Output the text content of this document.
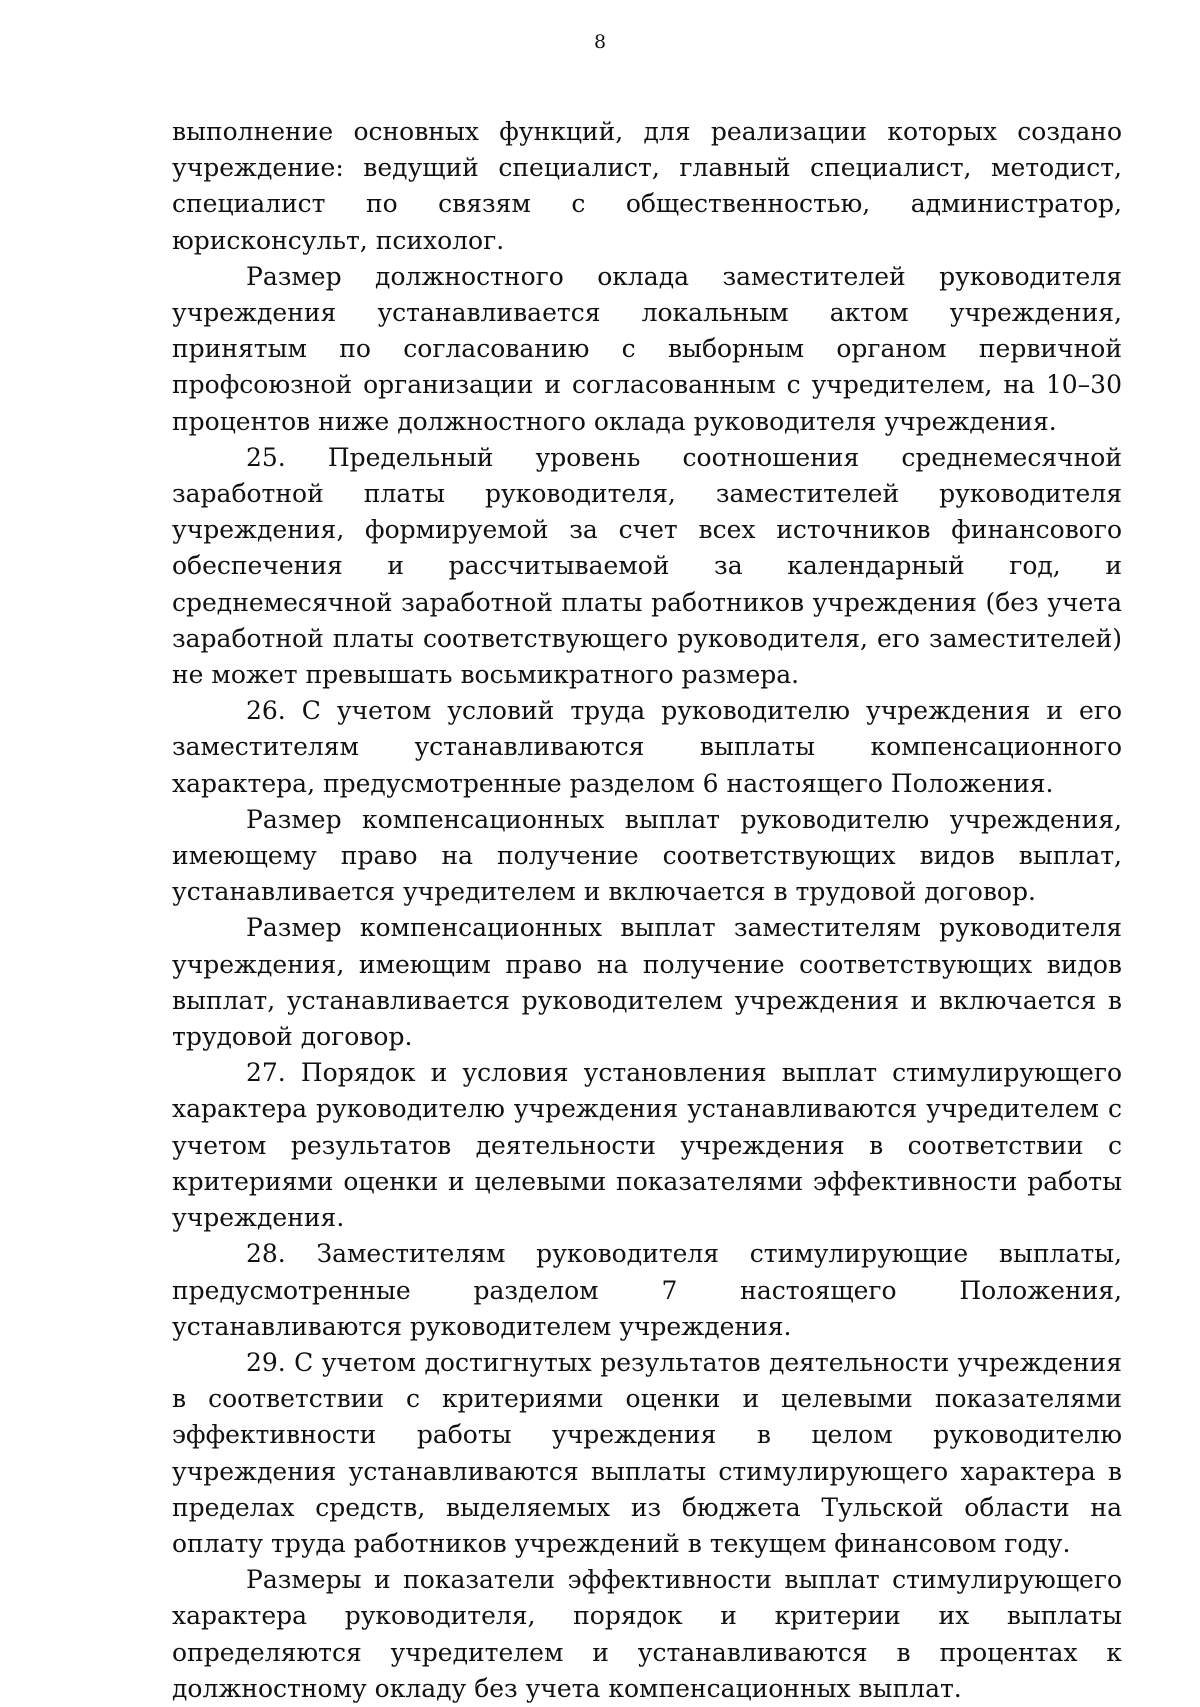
8

выполнение основных функций, для реализации которых создано учреждение: ведущий специалист, главный специалист, методист, специалист по связям с общественностью, администратор, юрисконсульт, психолог.

Размер должностного оклада заместителей руководителя учреждения устанавливается локальным актом учреждения, принятым по согласованию с выборным органом первичной профсоюзной организации и согласованным с учредителем, на 10–30 процентов ниже должностного оклада руководителя учреждения.

25. Предельный уровень соотношения среднемесячной заработной платы руководителя, заместителей руководителя учреждения, формируемой за счет всех источников финансового обеспечения и рассчитываемой за календарный год, и среднемесячной заработной платы работников учреждения (без учета заработной платы соответствующего руководителя, его заместителей) не может превышать восьмикратного размера.

26. С учетом условий труда руководителю учреждения и его заместителям устанавливаются выплаты компенсационного характера, предусмотренные разделом 6 настоящего Положения.

Размер компенсационных выплат руководителю учреждения, имеющему право на получение соответствующих видов выплат, устанавливается учредителем и включается в трудовой договор.

Размер компенсационных выплат заместителям руководителя учреждения, имеющим право на получение соответствующих видов выплат, устанавливается руководителем учреждения и включается в трудовой договор.

27. Порядок и условия установления выплат стимулирующего характера руководителю учреждения устанавливаются учредителем с учетом результатов деятельности учреждения в соответствии с критериями оценки и целевыми показателями эффективности работы учреждения.

28. Заместителям руководителя стимулирующие выплаты, предусмотренные разделом 7 настоящего Положения, устанавливаются руководителем учреждения.

29. С учетом достигнутых результатов деятельности учреждения в соответствии с критериями оценки и целевыми показателями эффективности работы учреждения в целом руководителю учреждения устанавливаются выплаты стимулирующего характера в пределах средств, выделяемых из бюджета Тульской области на оплату труда работников учреждений в текущем финансовом году.

Размеры и показатели эффективности выплат стимулирующего характера руководителя, порядок и критерии их выплаты определяются учредителем и устанавливаются в процентах к должностному окладу без учета компенсационных выплат.
